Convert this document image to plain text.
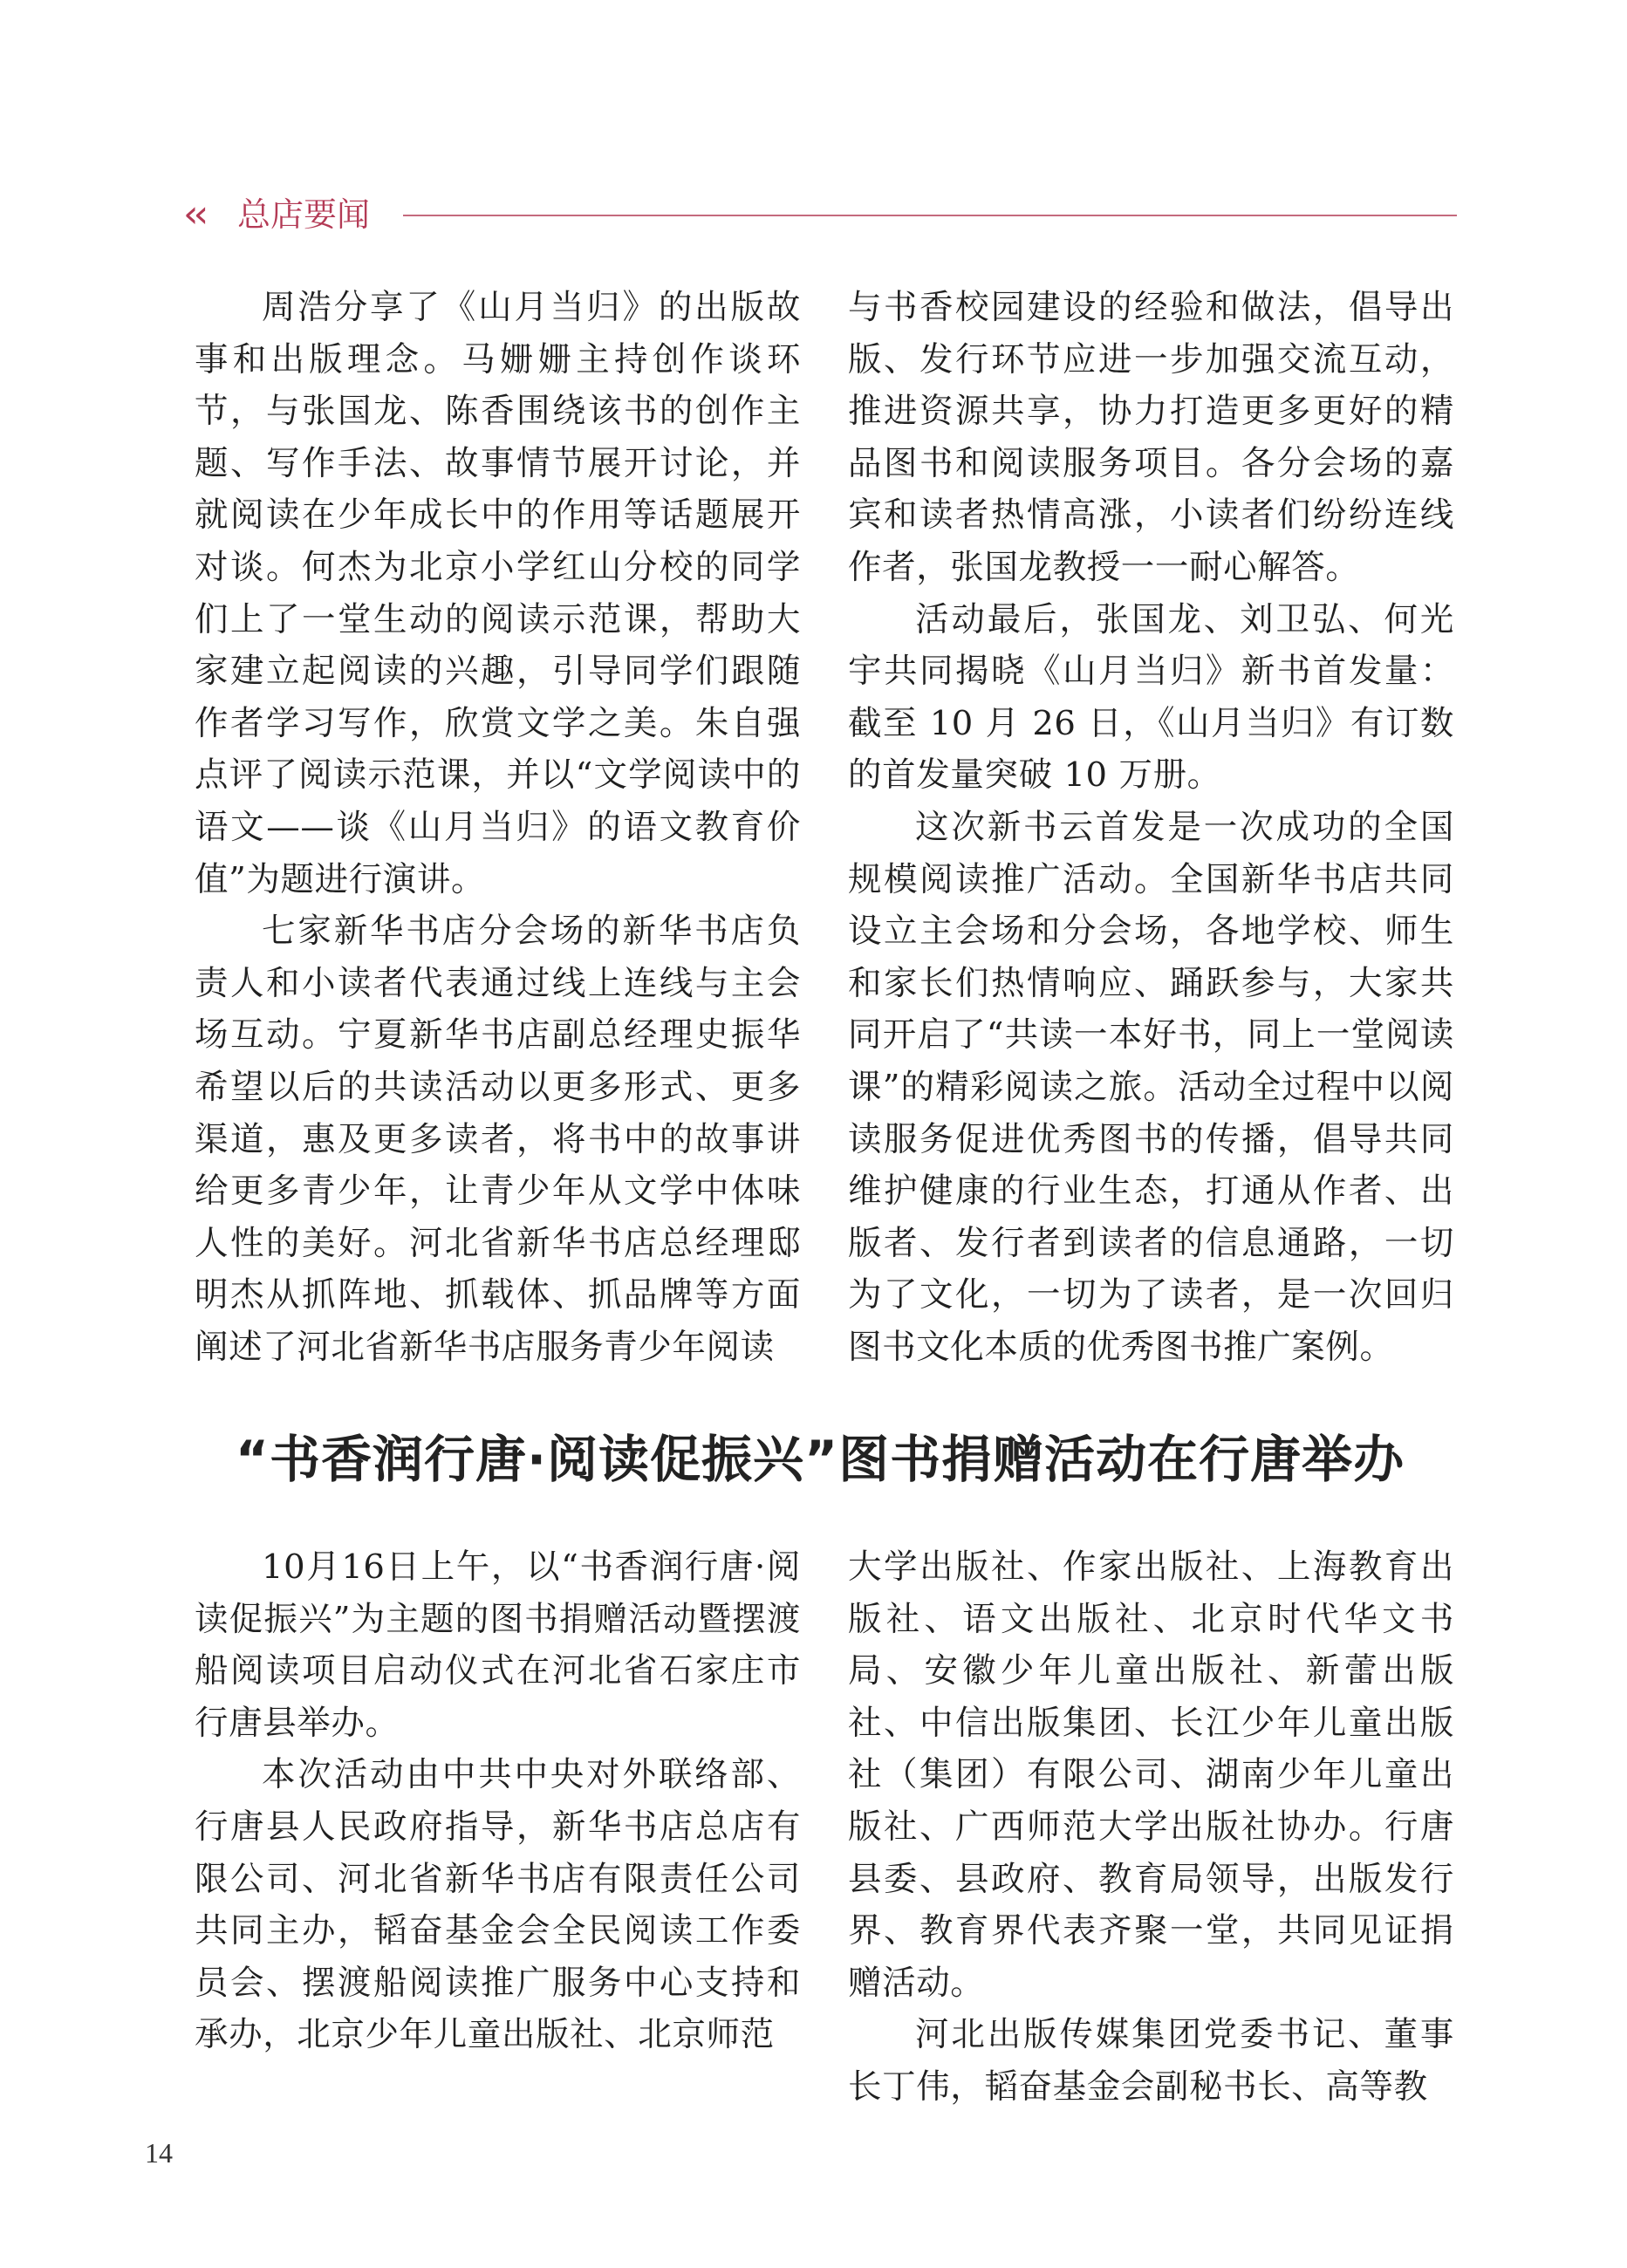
‹‹ 总店要闻

周浩分享了《山月当归》的出版故事和出版理念。马姗姗主持创作谈环节，与张国龙、陈香围绕该书的创作主题、写作手法、故事情节展开讨论，并就阅读在少年成长中的作用等话题展开对谈。何杰为北京小学红山分校的同学们上了一堂生动的阅读示范课，帮助大家建立起阅读的兴趣，引导同学们跟随作者学习写作，欣赏文学之美。朱自强点评了阅读示范课，并以“文学阅读中的语文——谈《山月当归》的语文教育价值”为题进行演讲。

七家新华书店分会场的新华书店负责人和小读者代表通过线上连线与主会场互动。宁夏新华书店副总经理史振华希望以后的共读活动以更多形式、更多渠道，惠及更多读者，将书中的故事讲给更多青少年，让青少年从文学中体味人性的美好。河北省新华书店总经理邸明杰从抓阵地、抓载体、抓品牌等方面阐述了河北省新华书店服务青少年阅读

与书香校园建设的经验和做法，倡导出版、发行环节应进一步加强交流互动，推进资源共享，协力打造更多更好的精品图书和阅读服务项目。各分会场的嘉宾和读者热情高涨，小读者们纷纷连线作者，张国龙教授一一耐心解答。

活动最后，张国龙、刘卫弘、何光宇共同揭晓《山月当归》新书首发量：截至 10 月 26 日，《山月当归》有订数的首发量突破 10 万册。

这次新书云首发是一次成功的全国规模阅读推广活动。全国新华书店共同设立主会场和分会场，各地学校、师生和家长们热情响应、踊跃参与，大家共同开启了“共读一本好书，同上一堂阅读课”的精彩阅读之旅。活动全过程中以阅读服务促进优秀图书的传播，倡导共同维护健康的行业生态，打通从作者、出版者、发行者到读者的信息通路，一切为了文化，一切为了读者，是一次回归图书文化本质的优秀图书推广案例。

“书香润行唐·阅读促振兴”图书捐赠活动在行唐举办

10月16日上午，以“书香润行唐·阅读促振兴”为主题的图书捐赠活动暨摆渡船阅读项目启动仪式在河北省石家庄市行唐县举办。

本次活动由中共中央对外联络部、行唐县人民政府指导，新华书店总店有限公司、河北省新华书店有限责任公司共同主办，韬奋基金会全民阅读工作委员会、摆渡船阅读推广服务中心支持和承办，北京少年儿童出版社、北京师范

大学出版社、作家出版社、上海教育出版社、语文出版社、北京时代华文书局、安徽少年儿童出版社、新蕾出版社、中信出版集团、长江少年儿童出版社（集团）有限公司、湖南少年儿童出版社、广西师范大学出版社协办。行唐县委、县政府、教育局领导，出版发行界、教育界代表齐聚一堂，共同见证捐赠活动。

河北出版传媒集团党委书记、董事长丁伟，韬奋基金会副秘书长、高等教

14
